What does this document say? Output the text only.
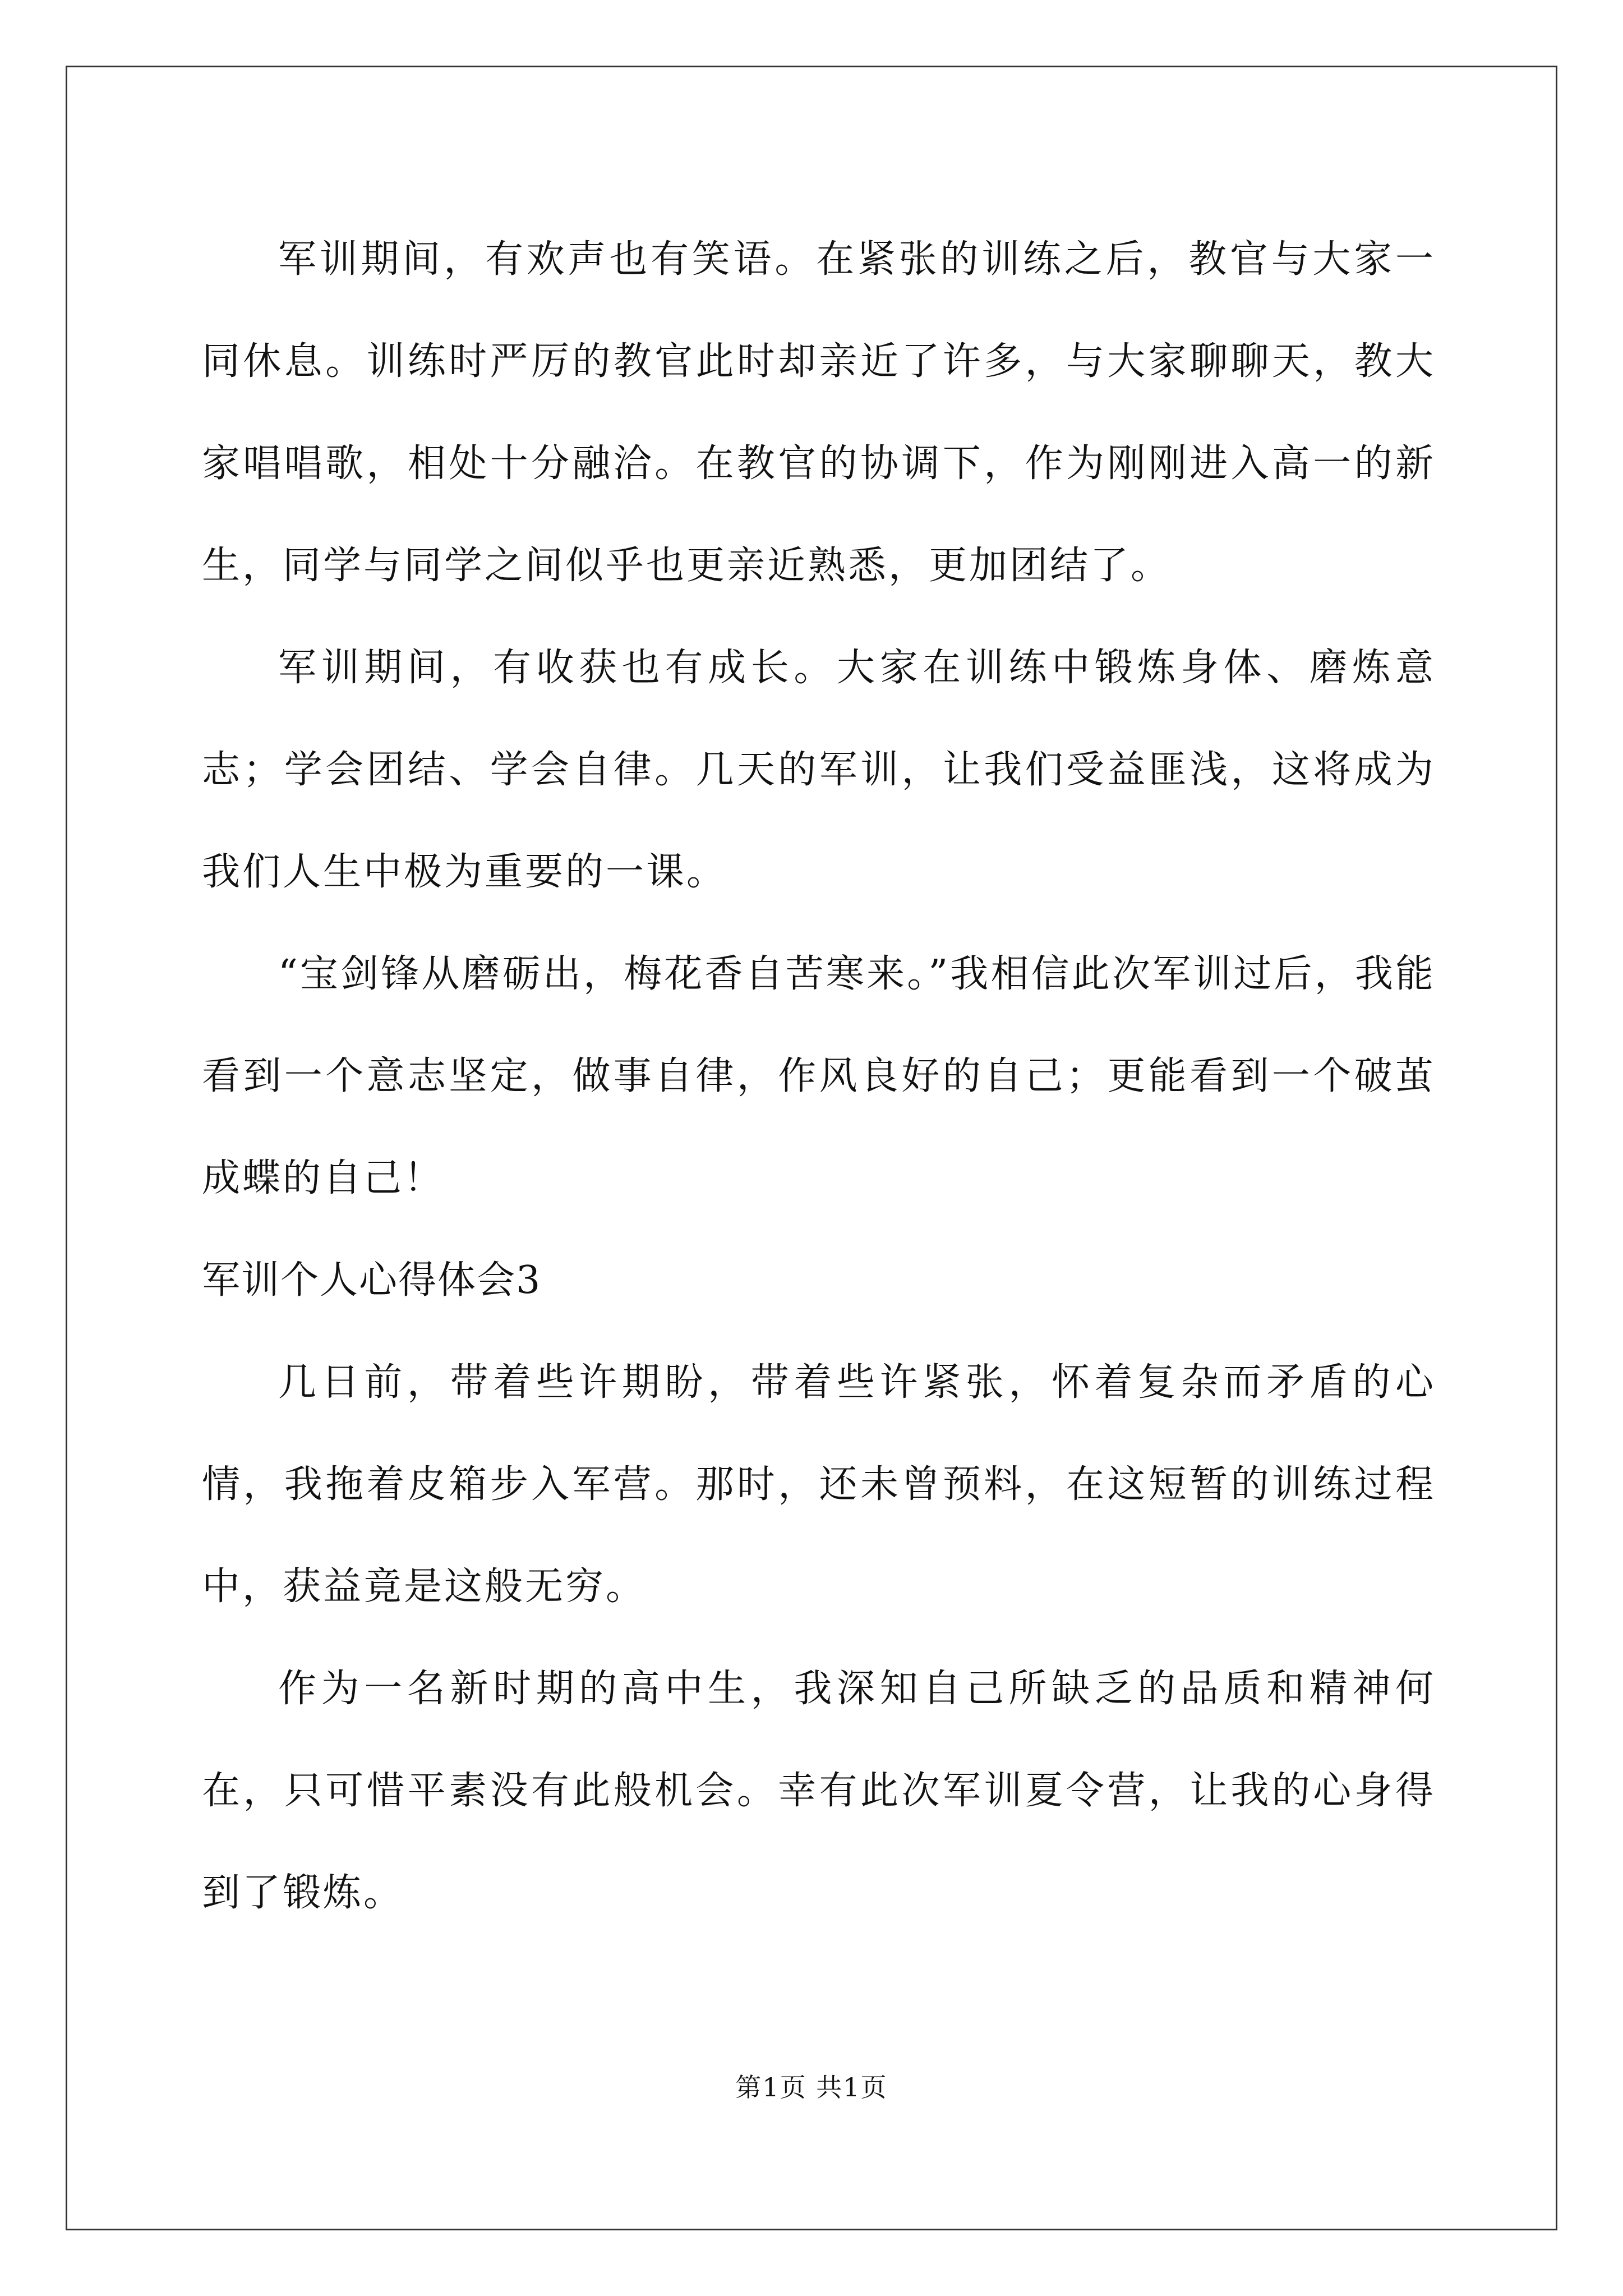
军训期间，有欢声也有笑语。在紧张的训练之后，教官与大家一同休息。训练时严厉的教官此时却亲近了许多，与大家聊聊天，教大家唱唱歌，相处十分融洽。在教官的协调下，作为刚刚进入高一的新生，同学与同学之间似乎也更亲近熟悉，更加团结了。

军训期间，有收获也有成长。大家在训练中锻炼身体、磨炼意志；学会团结、学会自律。几天的军训，让我们受益匪浅，这将成为我们人生中极为重要的一课。

“宝剑锋从磨砺出，梅花香自苦寒来。”我相信此次军训过后，我能看到一个意志坚定，做事自律，作风良好的自己；更能看到一个破茧成蝶的自己！

军训个人心得体会3

几日前，带着些许期盼，带着些许紧张，怀着复杂而矛盾的心情，我拖着皮箱步入军营。那时，还未曾预料，在这短暂的训练过程中，获益竟是这般无穷。

作为一名新时期的高中生，我深知自己所缺乏的品质和精神何在，只可惜平素没有此般机会。幸有此次军训夏令营，让我的心身得到了锻炼。

第1页 共1页
